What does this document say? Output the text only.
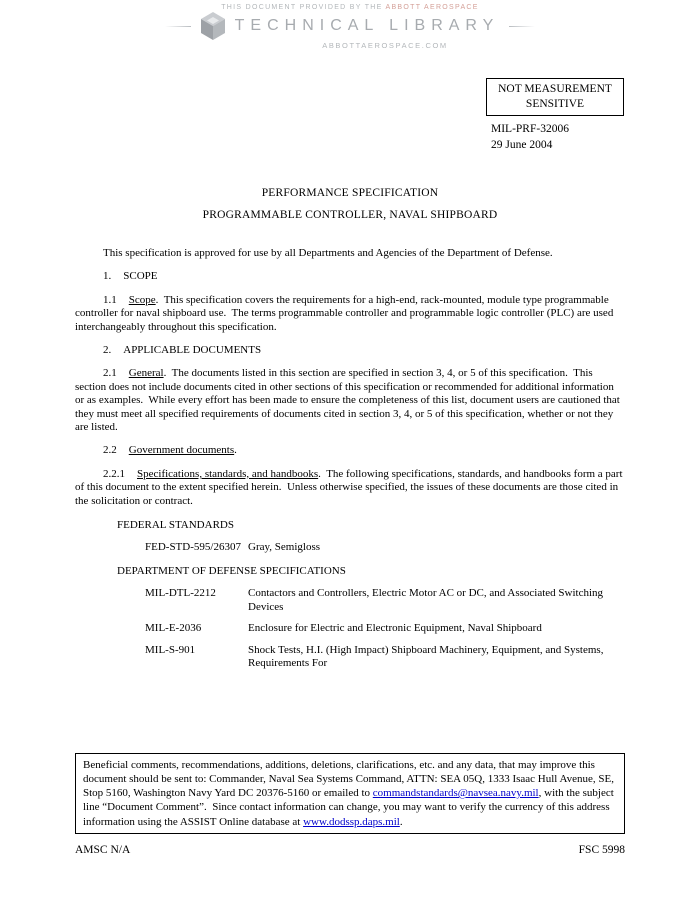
THIS DOCUMENT PROVIDED BY THE ABBOTT AEROSPACE
TECHNICAL LIBRARY
ABBOTTAEROSPACE.COM
NOT MEASUREMENT SENSITIVE
MIL-PRF-32006
29 June 2004
PERFORMANCE SPECIFICATION
PROGRAMMABLE CONTROLLER, NAVAL SHIPBOARD
This specification is approved for use by all Departments and Agencies of the Department of Defense.
1. SCOPE
1.1 Scope.  This specification covers the requirements for a high-end, rack-mounted, module type programmable controller for naval shipboard use.  The terms programmable controller and programmable logic controller (PLC) are used interchangeably throughout this specification.
2. APPLICABLE DOCUMENTS
2.1 General.  The documents listed in this section are specified in section 3, 4, or 5 of this specification.  This section does not include documents cited in other sections of this specification or recommended for additional information or as examples.  While every effort has been made to ensure the completeness of this list, document users are cautioned that they must meet all specified requirements of documents cited in section 3, 4, or 5 of this specification, whether or not they are listed.
2.2 Government documents.
2.2.1 Specifications, standards, and handbooks.  The following specifications, standards, and handbooks form a part of this document to the extent specified herein.  Unless otherwise specified, the issues of these documents are those cited in the solicitation or contract.
FEDERAL STANDARDS
FED-STD-595/26307 Gray, Semigloss
DEPARTMENT OF DEFENSE SPECIFICATIONS
MIL-DTL-2212	Contactors and Controllers, Electric Motor AC or DC, and Associated Switching Devices
MIL-E-2036	Enclosure for Electric and Electronic Equipment, Naval Shipboard
MIL-S-901	Shock Tests, H.I. (High Impact) Shipboard Machinery, Equipment, and Systems, Requirements For
Beneficial comments, recommendations, additions, deletions, clarifications, etc. and any data, that may improve this document should be sent to: Commander, Naval Sea Systems Command, ATTN: SEA 05Q, 1333 Isaac Hull Avenue, SE, Stop 5160, Washington Navy Yard DC 20376-5160 or emailed to commandstandards@navsea.navy.mil, with the subject line “Document Comment”.  Since contact information can change, you may want to verify the currency of this address information using the ASSIST Online database at www.dodssp.daps.mil.
AMSC N/A	FSC 5998
